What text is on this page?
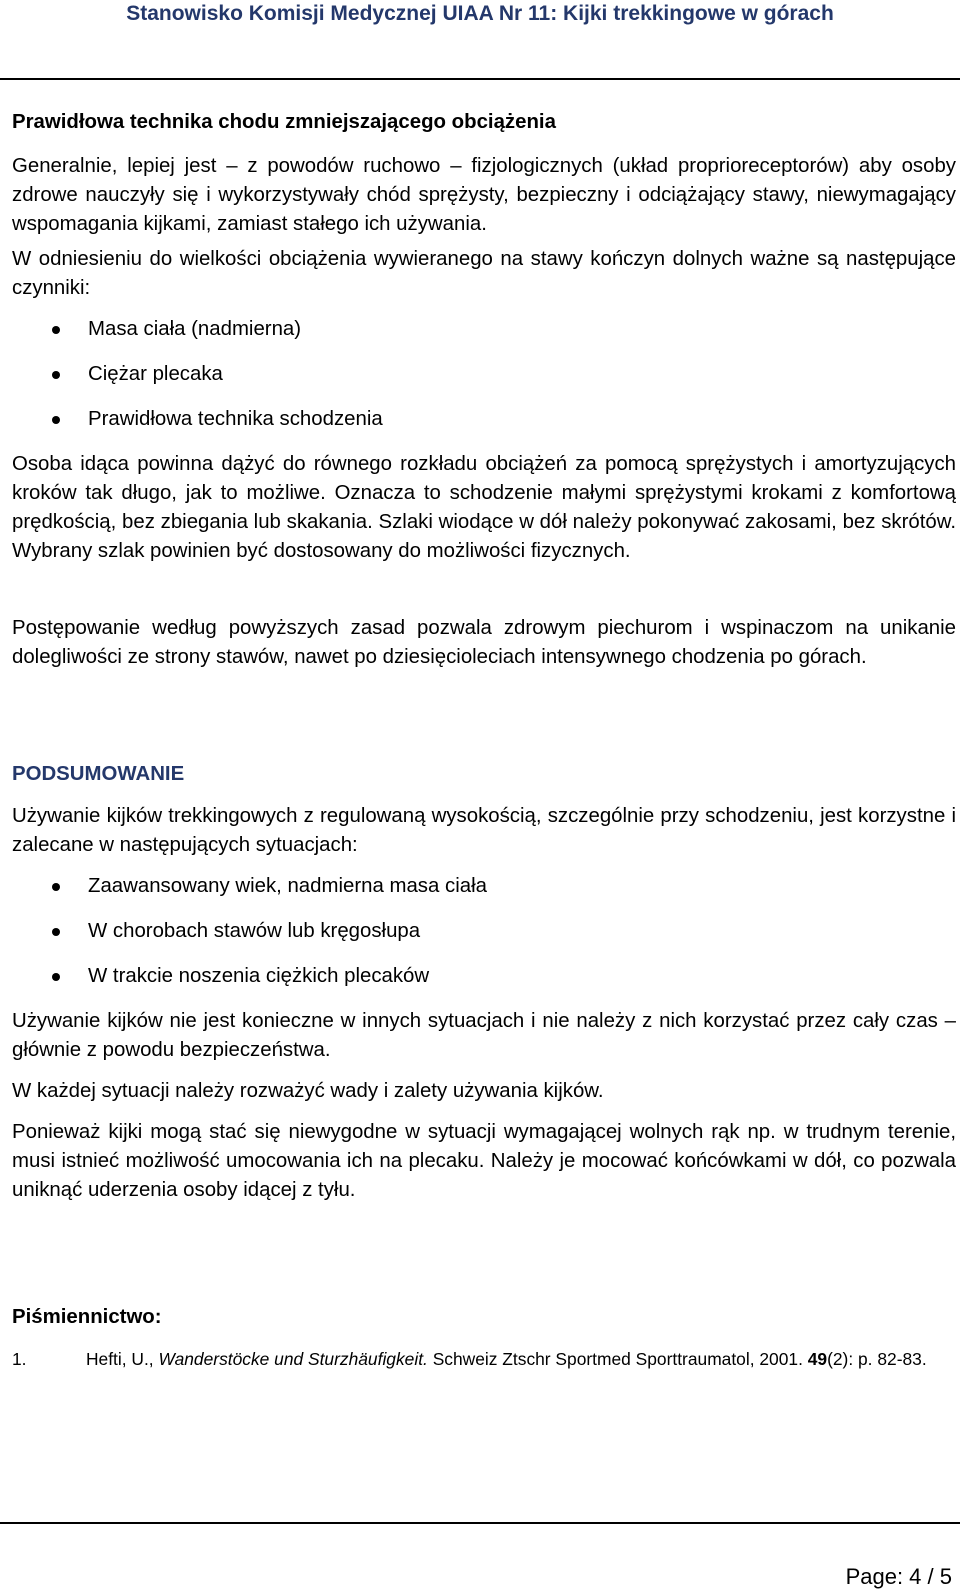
Stanowisko Komisji Medycznej UIAA Nr 11: Kijki trekkingowe w górach

Prawidłowa technika chodu zmniejszającego obciążenia

Generalnie, lepiej jest – z powodów ruchowo – fizjologicznych (układ proprioreceptorów) aby osoby zdrowe nauczyły się i wykorzystywały chód sprężysty, bezpieczny i odciążający stawy, niewymagający wspomagania kijkami, zamiast stałego ich używania.

W odniesieniu do wielkości obciążenia wywieranego na stawy kończyn dolnych ważne są następujące czynniki:

Masa ciała (nadmierna)
Ciężar plecaka
Prawidłowa technika schodzenia

Osoba idąca powinna dążyć do równego rozkładu obciążeń za pomocą sprężystych i amortyzujących kroków tak długo, jak to możliwe. Oznacza to schodzenie małymi sprężystymi krokami z komfortową prędkością, bez zbiegania lub skakania. Szlaki wiodące w dół należy pokonywać zakosami, bez skrótów. Wybrany szlak powinien być dostosowany do możliwości fizycznych.

Postępowanie według powyższych zasad pozwala zdrowym piechurom i wspinaczom na unikanie dolegliwości ze strony stawów, nawet po dziesięcioleciach intensywnego chodzenia po górach.

PODSUMOWANIE

Używanie kijków trekkingowych z regulowaną wysokością, szczególnie przy schodzeniu, jest korzystne i zalecane w następujących sytuacjach:

Zaawansowany wiek, nadmierna masa ciała
W chorobach stawów lub kręgosłupa
W trakcie noszenia ciężkich plecaków

Używanie kijków nie jest konieczne w innych sytuacjach i nie należy z nich korzystać przez cały czas – głównie z powodu bezpieczeństwa.

W każdej sytuacji należy rozważyć wady i zalety używania kijków.

Ponieważ kijki mogą stać się niewygodne w sytuacji wymagającej wolnych rąk np. w trudnym terenie, musi istnieć możliwość umocowania ich na plecaku. Należy je mocować końcówkami w dół, co pozwala uniknąć uderzenia osoby idącej z tyłu.

Piśmiennictwo:

1.	Hefti, U., Wanderstöcke und Sturzhäufigkeit. Schweiz Ztschr Sportmed Sporttraumatol, 2001. 49(2): p. 82-83.

Page: 4 / 5
